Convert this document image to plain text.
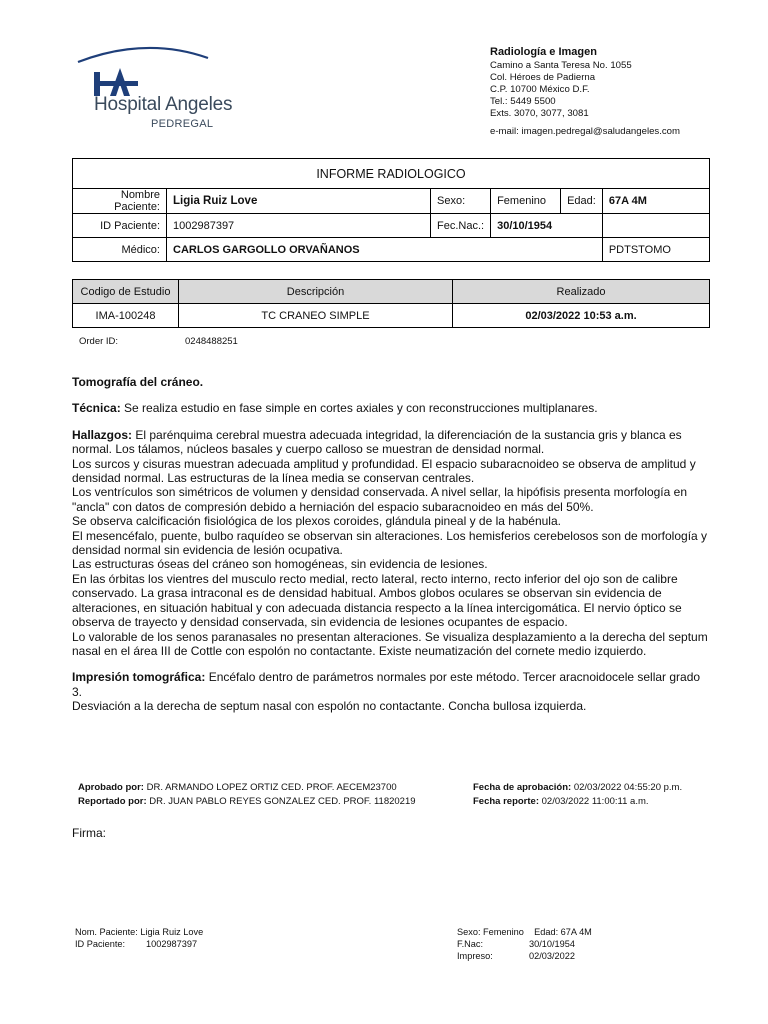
Hospital Angeles
PEDREGAL
Radiología e Imagen
Camino a Santa Teresa No. 1055
Col. Héroes de Padierna
C.P. 10700 México D.F.
Tel.: 5449 5500
Exts. 3070, 3077, 3081
e-mail: imagen.pedregal@saludangeles.com
INFORME RADIOLOGICO					
Nombre Paciente:	Ligia Ruiz Love	Sexo:	Femenino	Edad:	67A 4M
ID Paciente:	1002987397	Fec.Nac.:	30/10/1954		
Médico:	CARLOS GARGOLLO ORVAÑANOS				PDTSTOMO
Codigo de Estudio	Descripción	Realizado
IMA-100248	TC CRANEO SIMPLE	02/03/2022 10:53 a.m.
Order ID:	0248488251

Tomografía del cráneo.

Técnica: Se realiza estudio en fase simple en cortes axiales y con reconstrucciones multiplanares.

Hallazgos: El parénquima cerebral muestra adecuada integridad, la diferenciación de la sustancia gris y blanca es normal. Los tálamos, núcleos basales y cuerpo calloso se muestran de densidad normal.

Los surcos y cisuras muestran adecuada amplitud y profundidad. El espacio subaracnoideo se observa de amplitud y densidad normal. Las estructuras de la línea media se conservan centrales.

Los ventrículos son simétricos de volumen y densidad conservada. A nivel sellar, la hipófisis presenta morfología en "ancla" con datos de compresión debido a herniación del espacio subaracnoideo en más del 50%.

Se observa calcificación fisiológica de los plexos coroides, glándula pineal y de la habénula.

El mesencéfalo, puente, bulbo raquídeo se observan sin alteraciones. Los hemisferios cerebelosos son de morfología y densidad normal sin evidencia de lesión ocupativa.

Las estructuras óseas del cráneo son homogéneas, sin evidencia de lesiones.

En las órbitas los vientres del musculo recto medial, recto lateral, recto interno, recto inferior del ojo son de calibre conservado. La grasa intraconal es de densidad habitual. Ambos globos oculares se observan sin evidencia de alteraciones, en situación habitual y con adecuada distancia respecto a la línea intercigomática. El nervio óptico se observa de trayecto y densidad conservada, sin evidencia de lesiones ocupantes de espacio.

Lo valorable de los senos paranasales no presentan alteraciones. Se visualiza desplazamiento a la derecha del septum nasal en el área III de Cottle con espolón no contactante. Existe neumatización del cornete medio izquierdo.

Impresión tomográfica: Encéfalo dentro de parámetros normales por este método. Tercer aracnoidocele sellar grado 3.

Desviación a la derecha de septum nasal con espolón no contactante. Concha bullosa izquierda.

Aprobado por: DR. ARMANDO LOPEZ ORTIZ CED. PROF. AECEM23700	Fecha de aprobación: 02/03/2022 04:55:20 p.m.
Reportado por: DR. JUAN PABLO REYES GONZALEZ CED. PROF. 11820219	Fecha reporte: 02/03/2022 11:00:11 a.m.
Firma:
Nom. Paciente: Ligia Ruiz Love
ID Paciente: 1002987397
Sexo: Femenino    Edad: 67A 4M
F.Nac:	30/10/1954
Impreso:	02/03/2022
